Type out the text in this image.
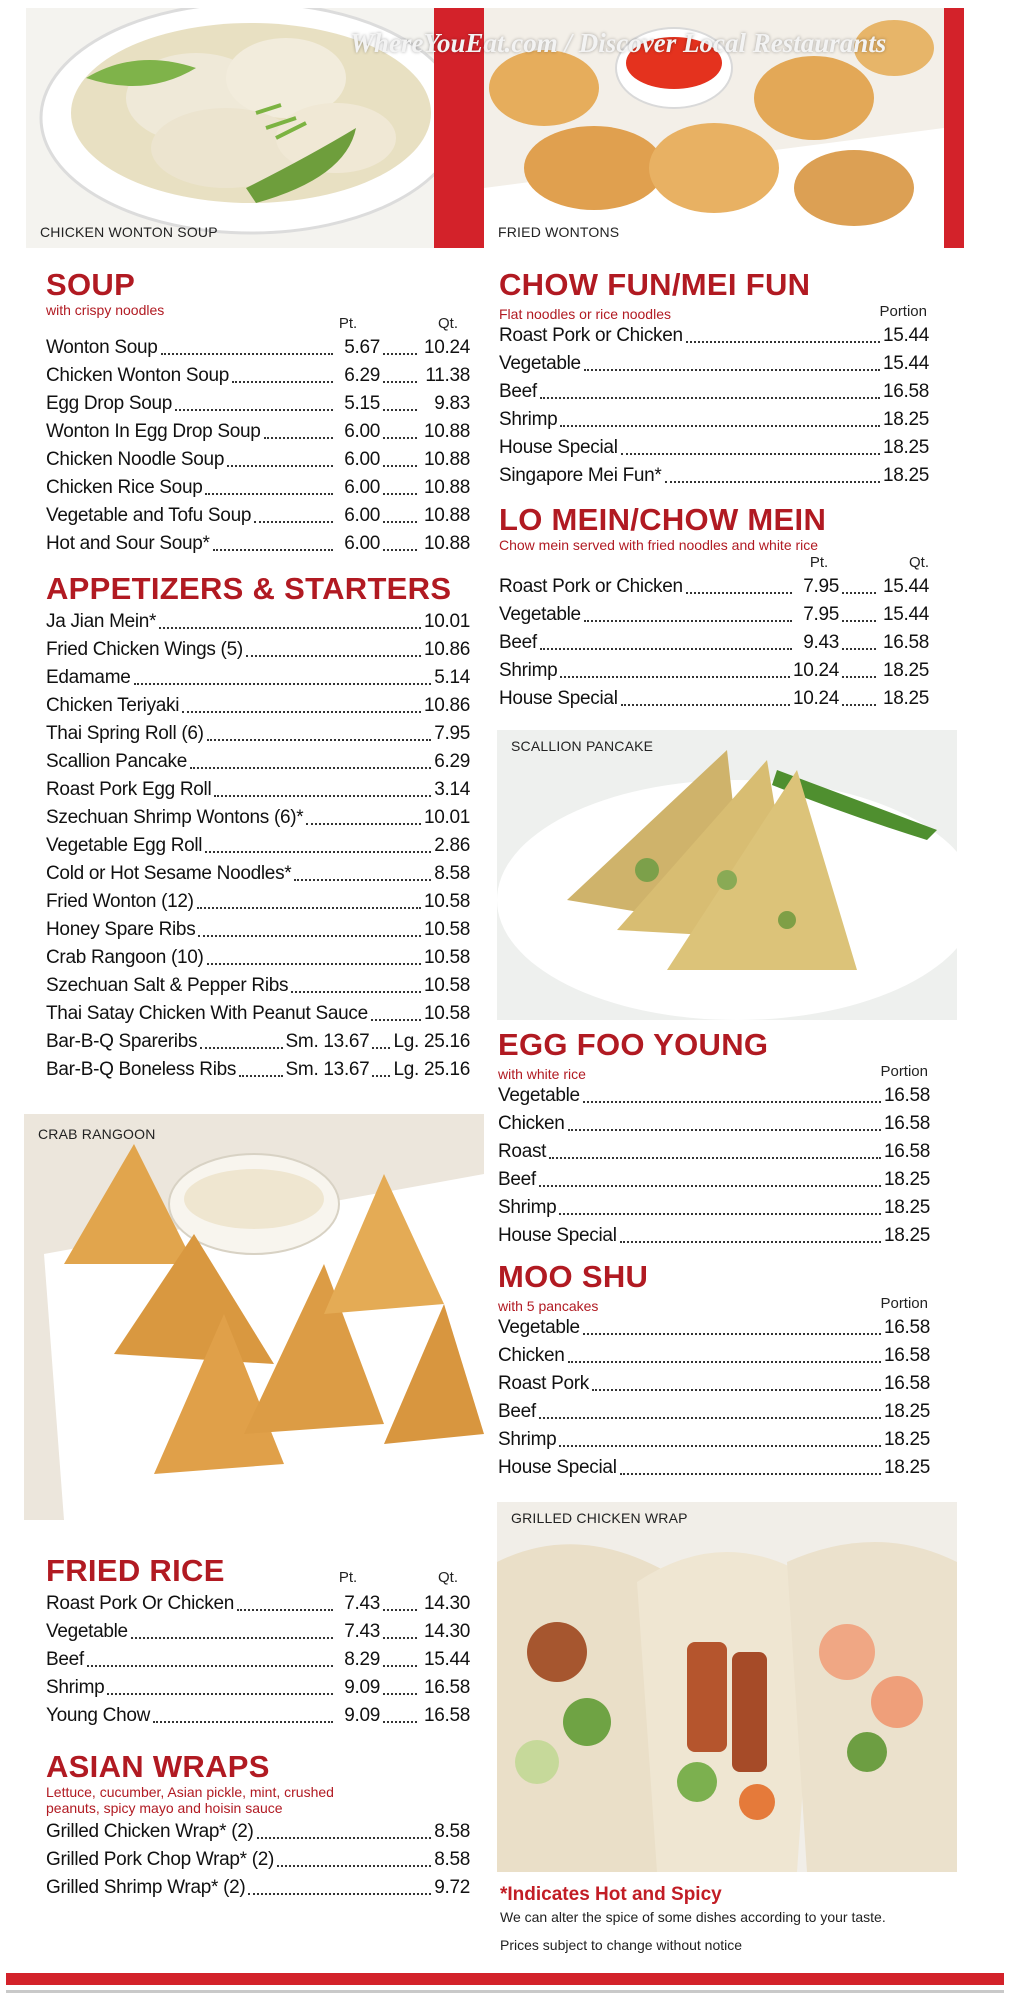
CHICKEN WONTON SOUP	FRIED WONTONS
WhereYouEat.com / Discover Local Restaurants
SOUP
with crispy noodles
Pt.	Qt.
Wonton Soup	5.67 10.24
Chicken Wonton Soup	6.29 11.38
Egg Drop Soup	5.15	9.83
Wonton In Egg Drop Soup	6.00 10.88
Chicken Noodle Soup	6.00 10.88
Chicken Rice Soup	6.00 10.88
Vegetable and Tofu Soup	6.00 10.88
Hot and Sour Soup*	6.00 10.88
APPETIZERS & STARTERS
Ja Jian Mein*	10.01
Fried Chicken Wings (5)	10.86
Edamame	5.14
Chicken Teriyaki	10.86
Thai Spring Roll (6)	7.95
Scallion Pancake	6.29
Roast Pork Egg Roll	3.14
Szechuan Shrimp Wontons (6)*	10.01
Vegetable Egg Roll	2.86
Cold or Hot Sesame Noodles*	8.58
Fried Wonton (12)	10.58
Honey Spare Ribs	10.58
Crab Rangoon (10)	10.58
Szechuan Salt & Pepper Ribs	10.58
Thai Satay Chicken With Peanut Sauce	10.58
Bar-B-Q Spareribs	Sm. 13.67 Lg. 25.16
Bar-B-Q Boneless Ribs	Sm. 13.67 Lg. 25.16
CRAB RANGOON
FRIED RICE	Pt.	Qt.
Roast Pork Or Chicken	7.43 14.30
Vegetable	7.43 14.30
Beef	8.29 15.44
Shrimp	9.09 16.58
Young Chow	9.09 16.58
ASIAN WRAPS
Lettuce, cucumber, Asian pickle, mint, crushed
peanuts, spicy mayo and hoisin sauce
Grilled Chicken Wrap* (2)	8.58
Grilled Pork Chop Wrap* (2)	8.58
Grilled Shrimp Wrap* (2)	9.72
CHOW FUN/MEI FUN
Flat noodles or rice noodles	Portion
Roast Pork or Chicken	15.44
Vegetable	15.44
Beef	16.58
Shrimp	18.25
House Special	18.25
Singapore Mei Fun*	18.25
LO MEIN/CHOW MEIN
Chow mein served with fried noodles and white rice
Pt.	Qt.
Roast Pork or Chicken	7.95 15.44
Vegetable	7.95 15.44
Beef	9.43 16.58
Shrimp	10.24 18.25
House Special	10.24 18.25
SCALLION PANCAKE
EGG FOO YOUNG
with white rice	Portion
Vegetable	16.58
Chicken	16.58
Roast	16.58
Beef	18.25
Shrimp	18.25
House Special	18.25
MOO SHU
with 5 pancakes	Portion
Vegetable	16.58
Chicken	16.58
Roast Pork	16.58
Beef	18.25
Shrimp	18.25
House Special	18.25
GRILLED CHICKEN WRAP
*Indicates Hot and Spicy
We can alter the spice of some dishes according to your taste.
Prices subject to change without notice
